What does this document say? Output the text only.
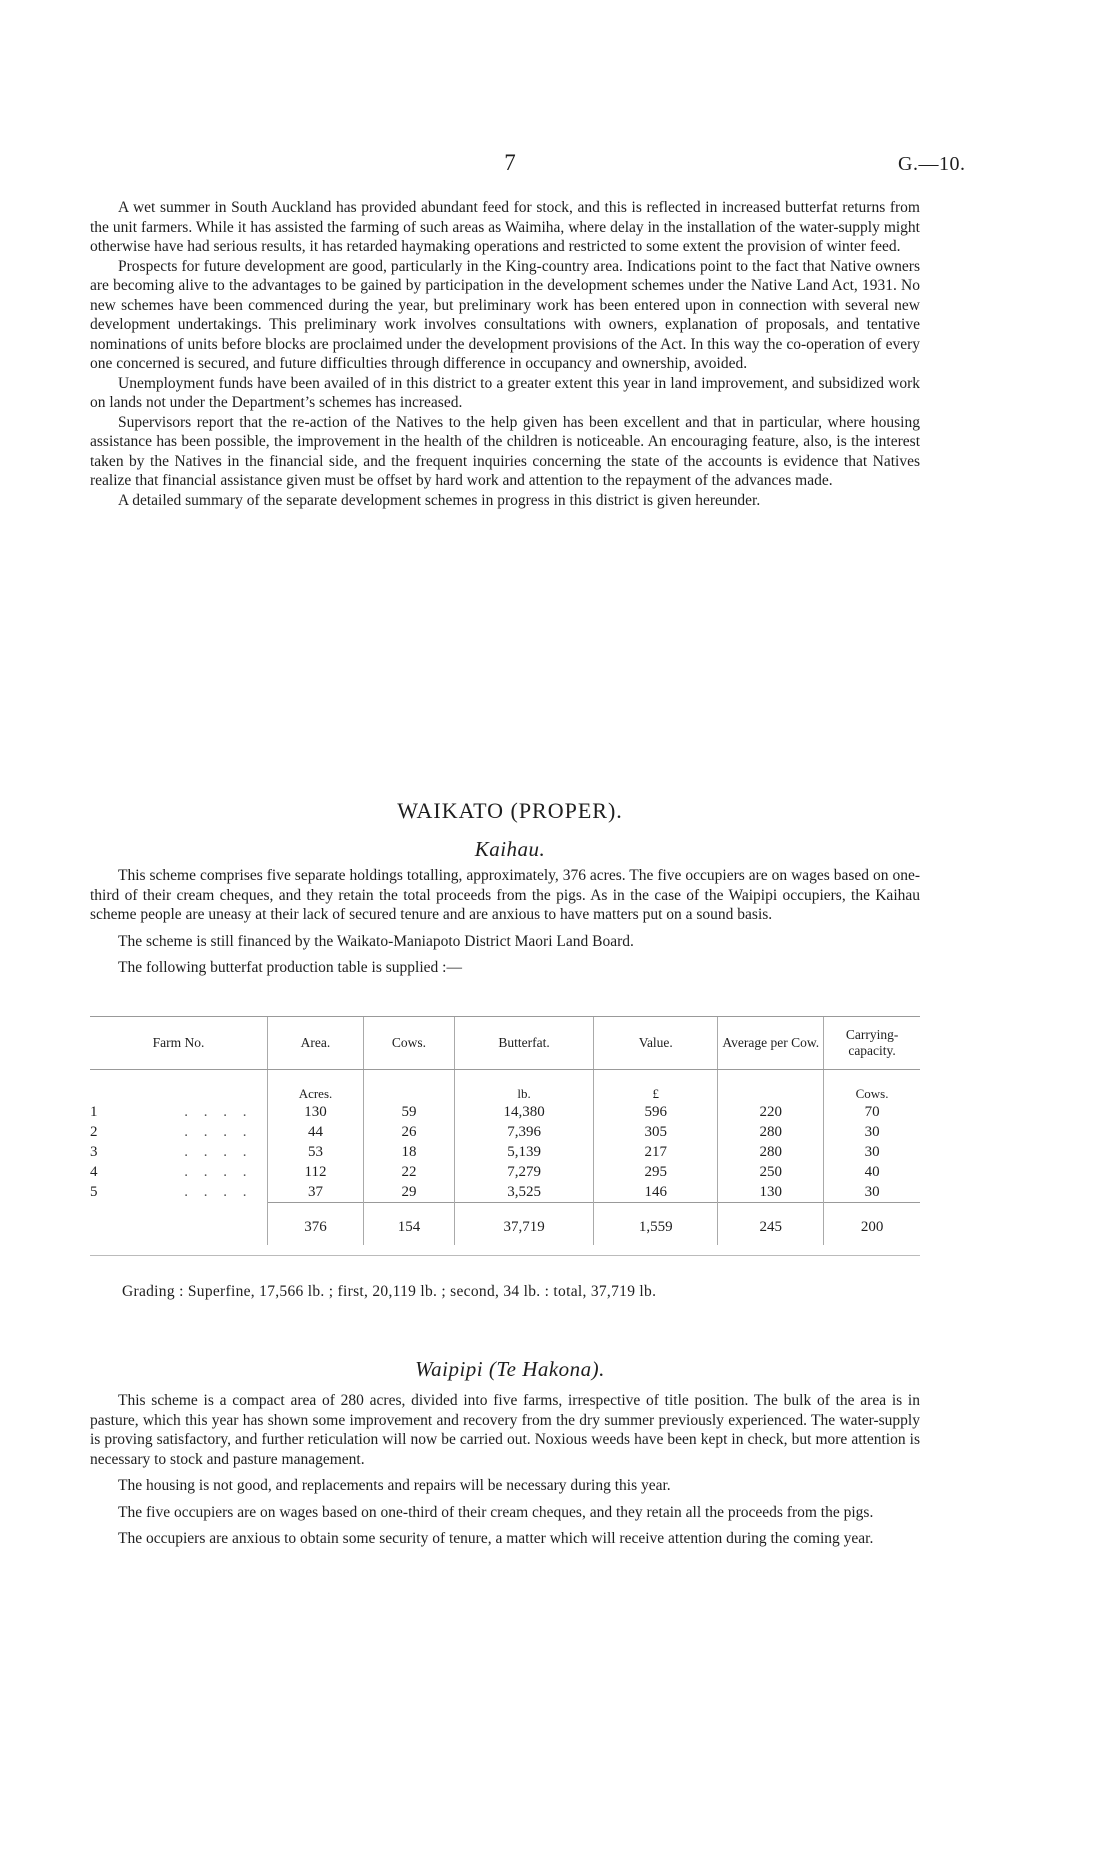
7	G.—10.

A wet summer in South Auckland has provided abundant feed for stock, and this is reflected in increased butterfat returns from the unit farmers. While it has assisted the farming of such areas as Waimiha, where delay in the installation of the water-supply might otherwise have had serious results, it has retarded haymaking operations and restricted to some extent the provision of winter feed.

Prospects for future development are good, particularly in the King-country area. Indications point to the fact that Native owners are becoming alive to the advantages to be gained by participation in the development schemes under the Native Land Act, 1931. No new schemes have been commenced during the year, but preliminary work has been entered upon in connection with several new development undertakings. This preliminary work involves consultations with owners, explanation of proposals, and tentative nominations of units before blocks are proclaimed under the development provisions of the Act. In this way the co-operation of every one concerned is secured, and future difficulties through difference in occupancy and ownership, avoided.

Unemployment funds have been availed of in this district to a greater extent this year in land improvement, and subsidized work on lands not under the Department’s schemes has increased.

Supervisors report that the re-action of the Natives to the help given has been excellent and that in particular, where housing assistance has been possible, the improvement in the health of the children is noticeable. An encouraging feature, also, is the interest taken by the Natives in the financial side, and the frequent inquiries concerning the state of the accounts is evidence that Natives realize that financial assistance given must be offset by hard work and attention to the repayment of the advances made.

A detailed summary of the separate development schemes in progress in this district is given hereunder.

WAIKATO (PROPER).
Kaihau.

This scheme comprises five separate holdings totalling, approximately, 376 acres. The five occupiers are on wages based on one-third of their cream cheques, and they retain the total proceeds from the pigs. As in the case of the Waipipi occupiers, the Kaihau scheme people are uneasy at their lack of secured tenure and are anxious to have matters put on a sound basis.

The scheme is still financed by the Waikato-Maniapoto District Maori Land Board.

The following butterfat production table is supplied :—

Farm No.	Area.	Cows.	Butterfat.	Value.	Average per Cow.	Carrying-capacity.
	Acres.		lb.	£		Cows.
1 . . . .	130	59	14,380	596	220	70
2 . . . .	44	26	7,396	305	280	30
3 . . . .	53	18	5,139	217	280	30
4 . . . .	112	22	7,279	295	250	40
5 . . . .	37	29	3,525	146	130	30
	376	154	37,719	1,559	245	200
Grading : Superfine, 17,566 lb. ; first, 20,119 lb. ; second, 34 lb. : total, 37,719 lb.
Waipipi (Te Hakona).

This scheme is a compact area of 280 acres, divided into five farms, irrespective of title position. The bulk of the area is in pasture, which this year has shown some improvement and recovery from the dry summer previously experienced. The water-supply is proving satisfactory, and further reticulation will now be carried out. Noxious weeds have been kept in check, but more attention is necessary to stock and pasture management.

The housing is not good, and replacements and repairs will be necessary during this year.

The five occupiers are on wages based on one-third of their cream cheques, and they retain all the proceeds from the pigs.

The occupiers are anxious to obtain some security of tenure, a matter which will receive attention during the coming year.
